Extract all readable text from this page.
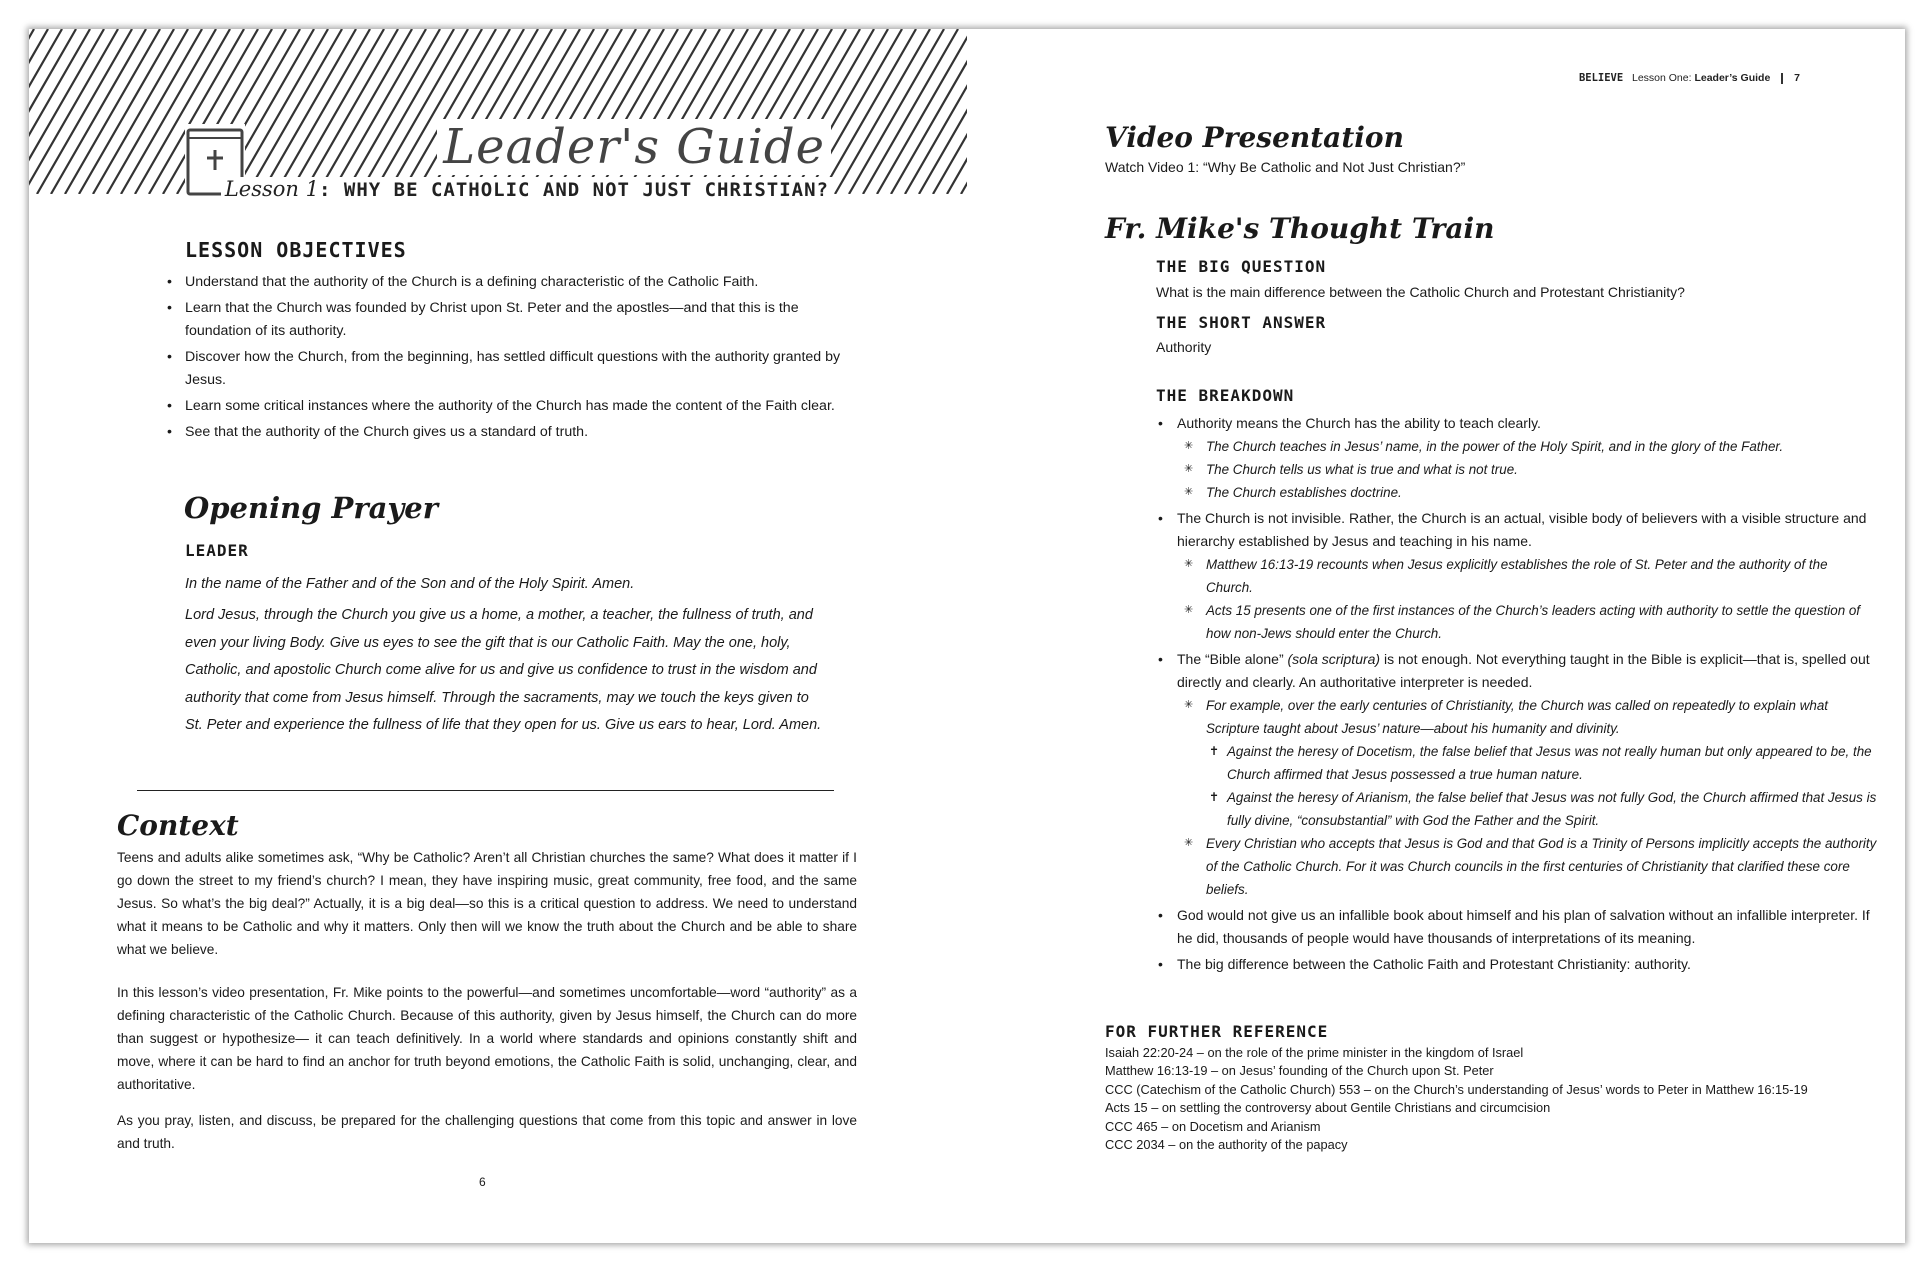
Leader's Guide
Lesson 1: WHY BE CATHOLIC AND NOT JUST CHRISTIAN?
LESSON OBJECTIVES
• Understand that the authority of the Church is a defining characteristic of the Catholic Faith.
• Learn that the Church was founded by Christ upon St. Peter and the apostles—and that this is the foundation of its authority.
• Discover how the Church, from the beginning, has settled difficult questions with the authority granted by Jesus.
• Learn some critical instances where the authority of the Church has made the content of the Faith clear.
• See that the authority of the Church gives us a standard of truth.
Opening Prayer
LEADER
In the name of the Father and of the Son and of the Holy Spirit. Amen.
Lord Jesus, through the Church you give us a home, a mother, a teacher, the fullness of truth, and even your living Body. Give us eyes to see the gift that is our Catholic Faith. May the one, holy, Catholic, and apostolic Church come alive for us and give us confidence to trust in the wisdom and authority that come from Jesus himself. Through the sacraments, may we touch the keys given to St. Peter and experience the fullness of life that they open for us. Give us ears to hear, Lord. Amen.
Context
Teens and adults alike sometimes ask, “Why be Catholic? Aren’t all Christian churches the same? What does it matter if I go down the street to my friend’s church? I mean, they have inspiring music, great community, free food, and the same Jesus. So what’s the big deal?” Actually, it is a big deal—so this is a critical question to address. We need to understand what it means to be Catholic and why it matters. Only then will we know the truth about the Church and be able to share what we believe.
In this lesson’s video presentation, Fr. Mike points to the powerful—and sometimes uncomfortable—word “authority” as a defining characteristic of the Catholic Church. Because of this authority, given by Jesus himself, the Church can do more than suggest or hypothesize— it can teach definitively. In a world where standards and opinions constantly shift and move, where it can be hard to find an anchor for truth beyond emotions, the Catholic Faith is solid, unchanging, clear, and authoritative.
As you pray, listen, and discuss, be prepared for the challenging questions that come from this topic and answer in love and truth.
6
BELIEVE Lesson One: Leader’s Guide 7
Video Presentation
Watch Video 1: “Why Be Catholic and Not Just Christian?”
Fr. Mike's Thought Train
THE BIG QUESTION
What is the main difference between the Catholic Church and Protestant Christianity?
THE SHORT ANSWER
Authority
THE BREAKDOWN
• Authority means the Church has the ability to teach clearly.
✳ The Church teaches in Jesus’ name, in the power of the Holy Spirit, and in the glory of the Father.
✳ The Church tells us what is true and what is not true.
✳ The Church establishes doctrine.
• The Church is not invisible. Rather, the Church is an actual, visible body of believers with a visible structure and hierarchy established by Jesus and teaching in his name.
✳ Matthew 16:13-19 recounts when Jesus explicitly establishes the role of St. Peter and the authority of the Church.
✳ Acts 15 presents one of the first instances of the Church’s leaders acting with authority to settle the question of how non-Jews should enter the Church.
• The “Bible alone” (sola scriptura) is not enough. Not everything taught in the Bible is explicit—that is, spelled out directly and clearly. An authoritative interpreter is needed.
✳ For example, over the early centuries of Christianity, the Church was called on repeatedly to explain what Scripture taught about Jesus’ nature—about his humanity and divinity.
✝ Against the heresy of Docetism, the false belief that Jesus was not really human but only appeared to be, the Church affirmed that Jesus possessed a true human nature.
✝ Against the heresy of Arianism, the false belief that Jesus was not fully God, the Church affirmed that Jesus is fully divine, “consubstantial” with God the Father and the Spirit.
✳ Every Christian who accepts that Jesus is God and that God is a Trinity of Persons implicitly accepts the authority of the Catholic Church. For it was Church councils in the first centuries of Christianity that clarified these core beliefs.
• God would not give us an infallible book about himself and his plan of salvation without an infallible interpreter. If he did, thousands of people would have thousands of interpretations of its meaning.
• The big difference between the Catholic Faith and Protestant Christianity: authority.
FOR FURTHER REFERENCE
Isaiah 22:20-24 – on the role of the prime minister in the kingdom of Israel
Matthew 16:13-19 – on Jesus’ founding of the Church upon St. Peter
CCC (Catechism of the Catholic Church) 553 – on the Church’s understanding of Jesus’ words to Peter in Matthew 16:15-19
Acts 15 – on settling the controversy about Gentile Christians and circumcision
CCC 465 – on Docetism and Arianism
CCC 2034 – on the authority of the papacy
